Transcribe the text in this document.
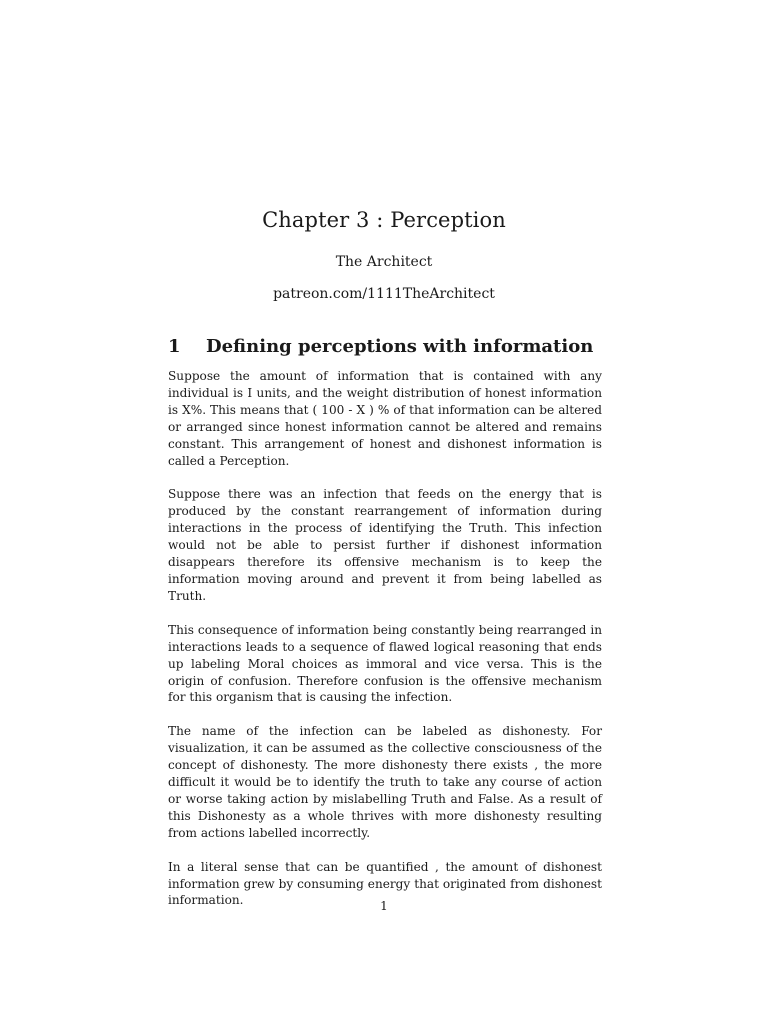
Chapter 3 : Perception
The Architect
patreon.com/1111TheArchitect
1 Defining perceptions with information

Suppose the amount of information that is contained with any individual is I units, and the weight distribution of honest information is X%. This means that ( 100 - X ) % of that information can be altered or arranged since honest information cannot be altered and remains constant. This arrangement of honest and dishonest information is called a Perception.

Suppose there was an infection that feeds on the energy that is produced by the constant rearrangement of information during interactions in the process of identifying the Truth. This infection would not be able to persist further if dishonest information disappears therefore its offensive mechanism is to keep the information moving around and prevent it from being labelled as Truth.

This consequence of information being constantly being rearranged in interactions leads to a sequence of flawed logical reasoning that ends up labeling Moral choices as immoral and vice versa. This is the origin of confusion. Therefore confusion is the offensive mechanism for this organism that is causing the infection.

The name of the infection can be labeled as dishonesty. For visualization, it can be assumed as the collective consciousness of the concept of dishonesty. The more dishonesty there exists , the more difficult it would be to identify the truth to take any course of action or worse taking action by mislabelling Truth and False. As a result of this Dishonesty as a whole thrives with more dishonesty resulting from actions labelled incorrectly.

In a literal sense that can be quantified , the amount of dishonest information grew by consuming energy that originated from dishonest information.	1
